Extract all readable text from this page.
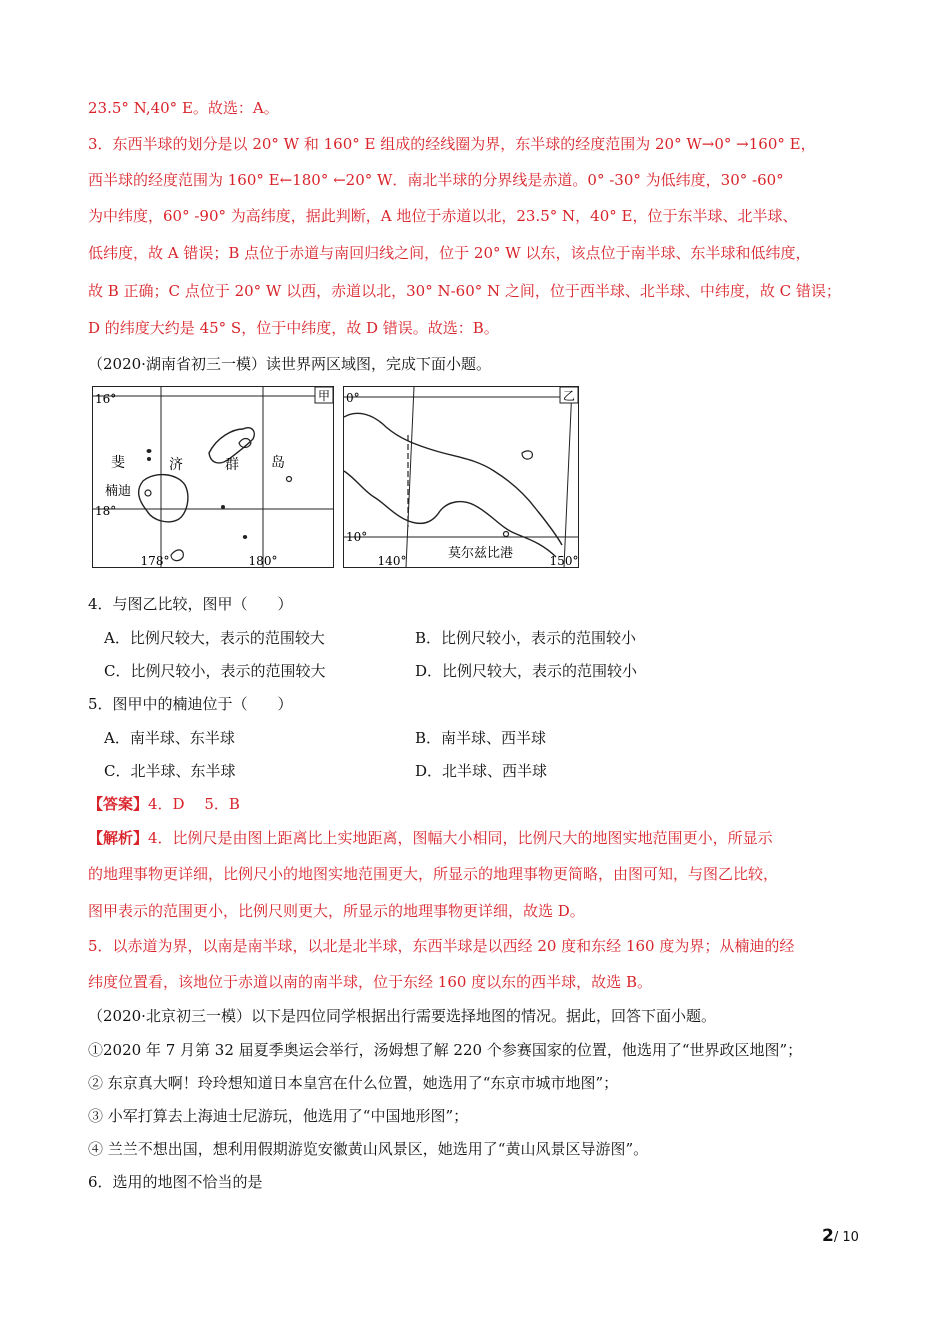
23.5° N,40° E。故选：A。
3．东西半球的划分是以 20° W 和 160° E 组成的经线圈为界，东半球的经度范围为 20° W→0° →160° E，
西半球的经度范围为 160° E←180° ←20° W．南北半球的分界线是赤道。0° -30° 为低纬度，30° -60°
为中纬度，60° -90° 为高纬度，据此判断，A 地位于赤道以北，23.5° N，40° E，位于东半球、北半球、
低纬度，故 A 错误；B 点位于赤道与南回归线之间，位于 20° W 以东，该点位于南半球、东半球和低纬度，
故 B 正确；C 点位于 20° W 以西，赤道以北，30° N-60° N 之间，位于西半球、北半球、中纬度，故 C 错误；
D 的纬度大约是 45° S，位于中纬度，故 D 错误。故选：B。
（2020·湖南省初三一模）读世界两区域图，完成下面小题。
甲
16°
18°
178°	180°
斐	济	群 岛
楠迪
乙
0°
10°
140°	150°
莫尔兹比港
4．与图乙比较，图甲（　　）
A．比例尺较大，表示的范围较大	B．比例尺较小，表示的范围较小
C．比例尺较小，表示的范围较大	D．比例尺较大，表示的范围较小
5．图甲中的楠迪位于（　　）
A．南半球、东半球	B．南半球、西半球
C．北半球、东半球	D．北半球、西半球
【答案】4．D　 5．B
【解析】4．比例尺是由图上距离比上实地距离，图幅大小相同，比例尺大的地图实地范围更小，所显示
的地理事物更详细，比例尺小的地图实地范围更大，所显示的地理事物更简略，由图可知，与图乙比较，
图甲表示的范围更小，比例尺则更大，所显示的地理事物更详细，故选 D。
5．以赤道为界，以南是南半球，以北是北半球，东西半球是以西经 20 度和东经 160 度为界；从楠迪的经
纬度位置看，该地位于赤道以南的南半球，位于东经 160 度以东的西半球，故选 B。
（2020·北京初三一模）以下是四位同学根据出行需要选择地图的情况。据此，回答下面小题。
①2020 年 7 月第 32 届夏季奥运会举行，汤姆想了解 220 个参赛国家的位置，他选用了“世界政区地图”；
② 东京真大啊！玲玲想知道日本皇宫在什么位置，她选用了“东京市城市地图”；
③ 小军打算去上海迪士尼游玩，他选用了“中国地形图”；
④ 兰兰不想出国，想利用假期游览安徽黄山风景区，她选用了“黄山风景区导游图”。
6．选用的地图不恰当的是
2/ 10
